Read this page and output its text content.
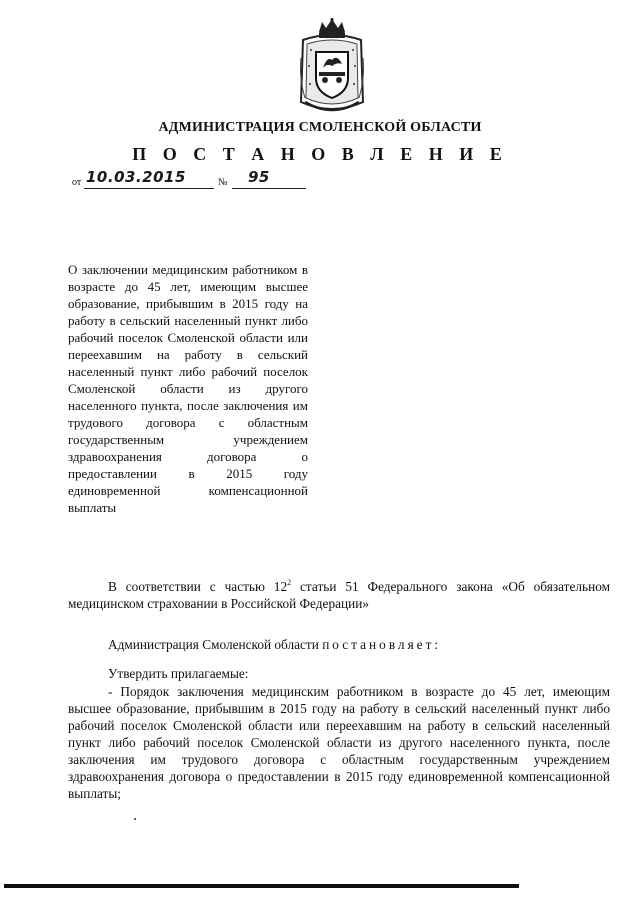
АДМИНИСТРАЦИЯ СМОЛЕНСКОЙ ОБЛАСТИ
П О С Т А Н О В Л Е Н И Е
от 10.03.2015	№ 95
О заключении медицинским работником в возрасте до 45 лет, имеющим высшее образование, прибывшим в 2015 году на работу в сельский населенный пункт либо рабочий поселок Смоленской области или переехавшим на работу в сельский населенный пункт либо рабочий поселок Смоленской области из другого населенного пункта, после заключения им трудового договора с областным государственным учреждением здравоохранения договора о предоставлении в 2015 году единовременной компенсационной выплаты
В соответствии с частью $12^2$ статьи 51 Федерального закона «Об обязательном медицинском страховании в Российской Федерации»
Администрация Смоленской области постановляет:
Утвердить прилагаемые:
- Порядок заключения медицинским работником в возрасте до 45 лет, имеющим высшее образование, прибывшим в 2015 году на работу в сельский населенный пункт либо рабочий поселок Смоленской области или переехавшим на работу в сельский населенный пункт либо рабочий поселок Смоленской области из другого населенного пункта, после заключения им трудового договора с областным государственным учреждением здравоохранения договора о предоставлении в 2015 году единовременной компенсационной выплаты;
